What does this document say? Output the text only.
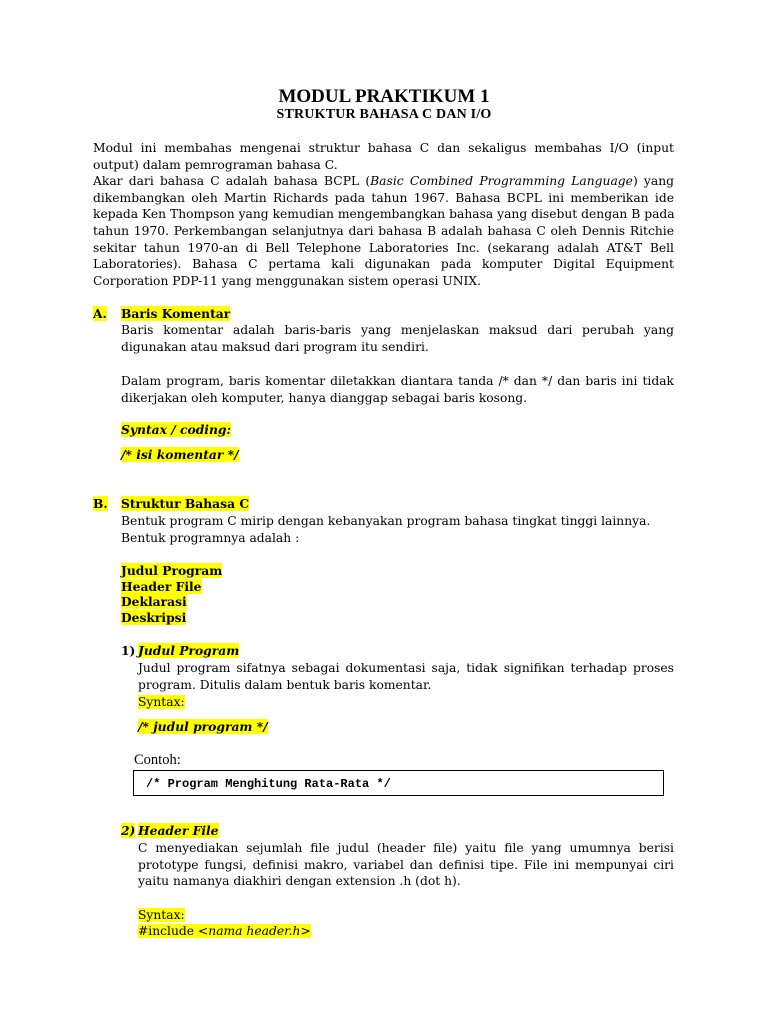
MODUL PRAKTIKUM 1
STRUKTUR BAHASA C DAN I/O
Modul ini membahas mengenai struktur bahasa C dan sekaligus membahas I/O (input
output) dalam pemrograman bahasa C.
Akar dari bahasa C adalah bahasa BCPL (Basic Combined Programming Language) yang
dikembangkan oleh Martin Richards pada tahun 1967. Bahasa BCPL ini memberikan ide
kepada Ken Thompson yang kemudian mengembangkan bahasa yang disebut dengan B pada
tahun 1970. Perkembangan selanjutnya dari bahasa B adalah bahasa C oleh Dennis Ritchie
sekitar tahun 1970-an di Bell Telephone Laboratories Inc. (sekarang adalah AT&T Bell
Laboratories). Bahasa C pertama kali digunakan pada komputer Digital Equipment
Corporation PDP-11 yang menggunakan sistem operasi UNIX.
A. Baris Komentar
Baris komentar adalah baris-baris yang menjelaskan maksud dari perubah yang
digunakan atau maksud dari program itu sendiri.
Dalam program, baris komentar diletakkan diantara tanda /* dan */ dan baris ini tidak
dikerjakan oleh komputer, hanya dianggap sebagai baris kosong.
Syntax / coding:
/* isi komentar */
B. Struktur Bahasa C
Bentuk program C mirip dengan kebanyakan program bahasa tingkat tinggi lainnya.
Bentuk programnya adalah :
Judul Program
Header File
Deklarasi
Deskripsi
1) Judul Program
Judul program sifatnya sebagai dokumentasi saja, tidak signifikan terhadap proses
program. Ditulis dalam bentuk baris komentar.
Syntax:
/* judul program */
Contoh:
/* Program Menghitung Rata-Rata */
2) Header File
C menyediakan sejumlah file judul (header file) yaitu file yang umumnya berisi
prototype fungsi, definisi makro, variabel dan definisi tipe. File ini mempunyai ciri
yaitu namanya diakhiri dengan extension .h (dot h).
Syntax:
#include <nama header.h>
